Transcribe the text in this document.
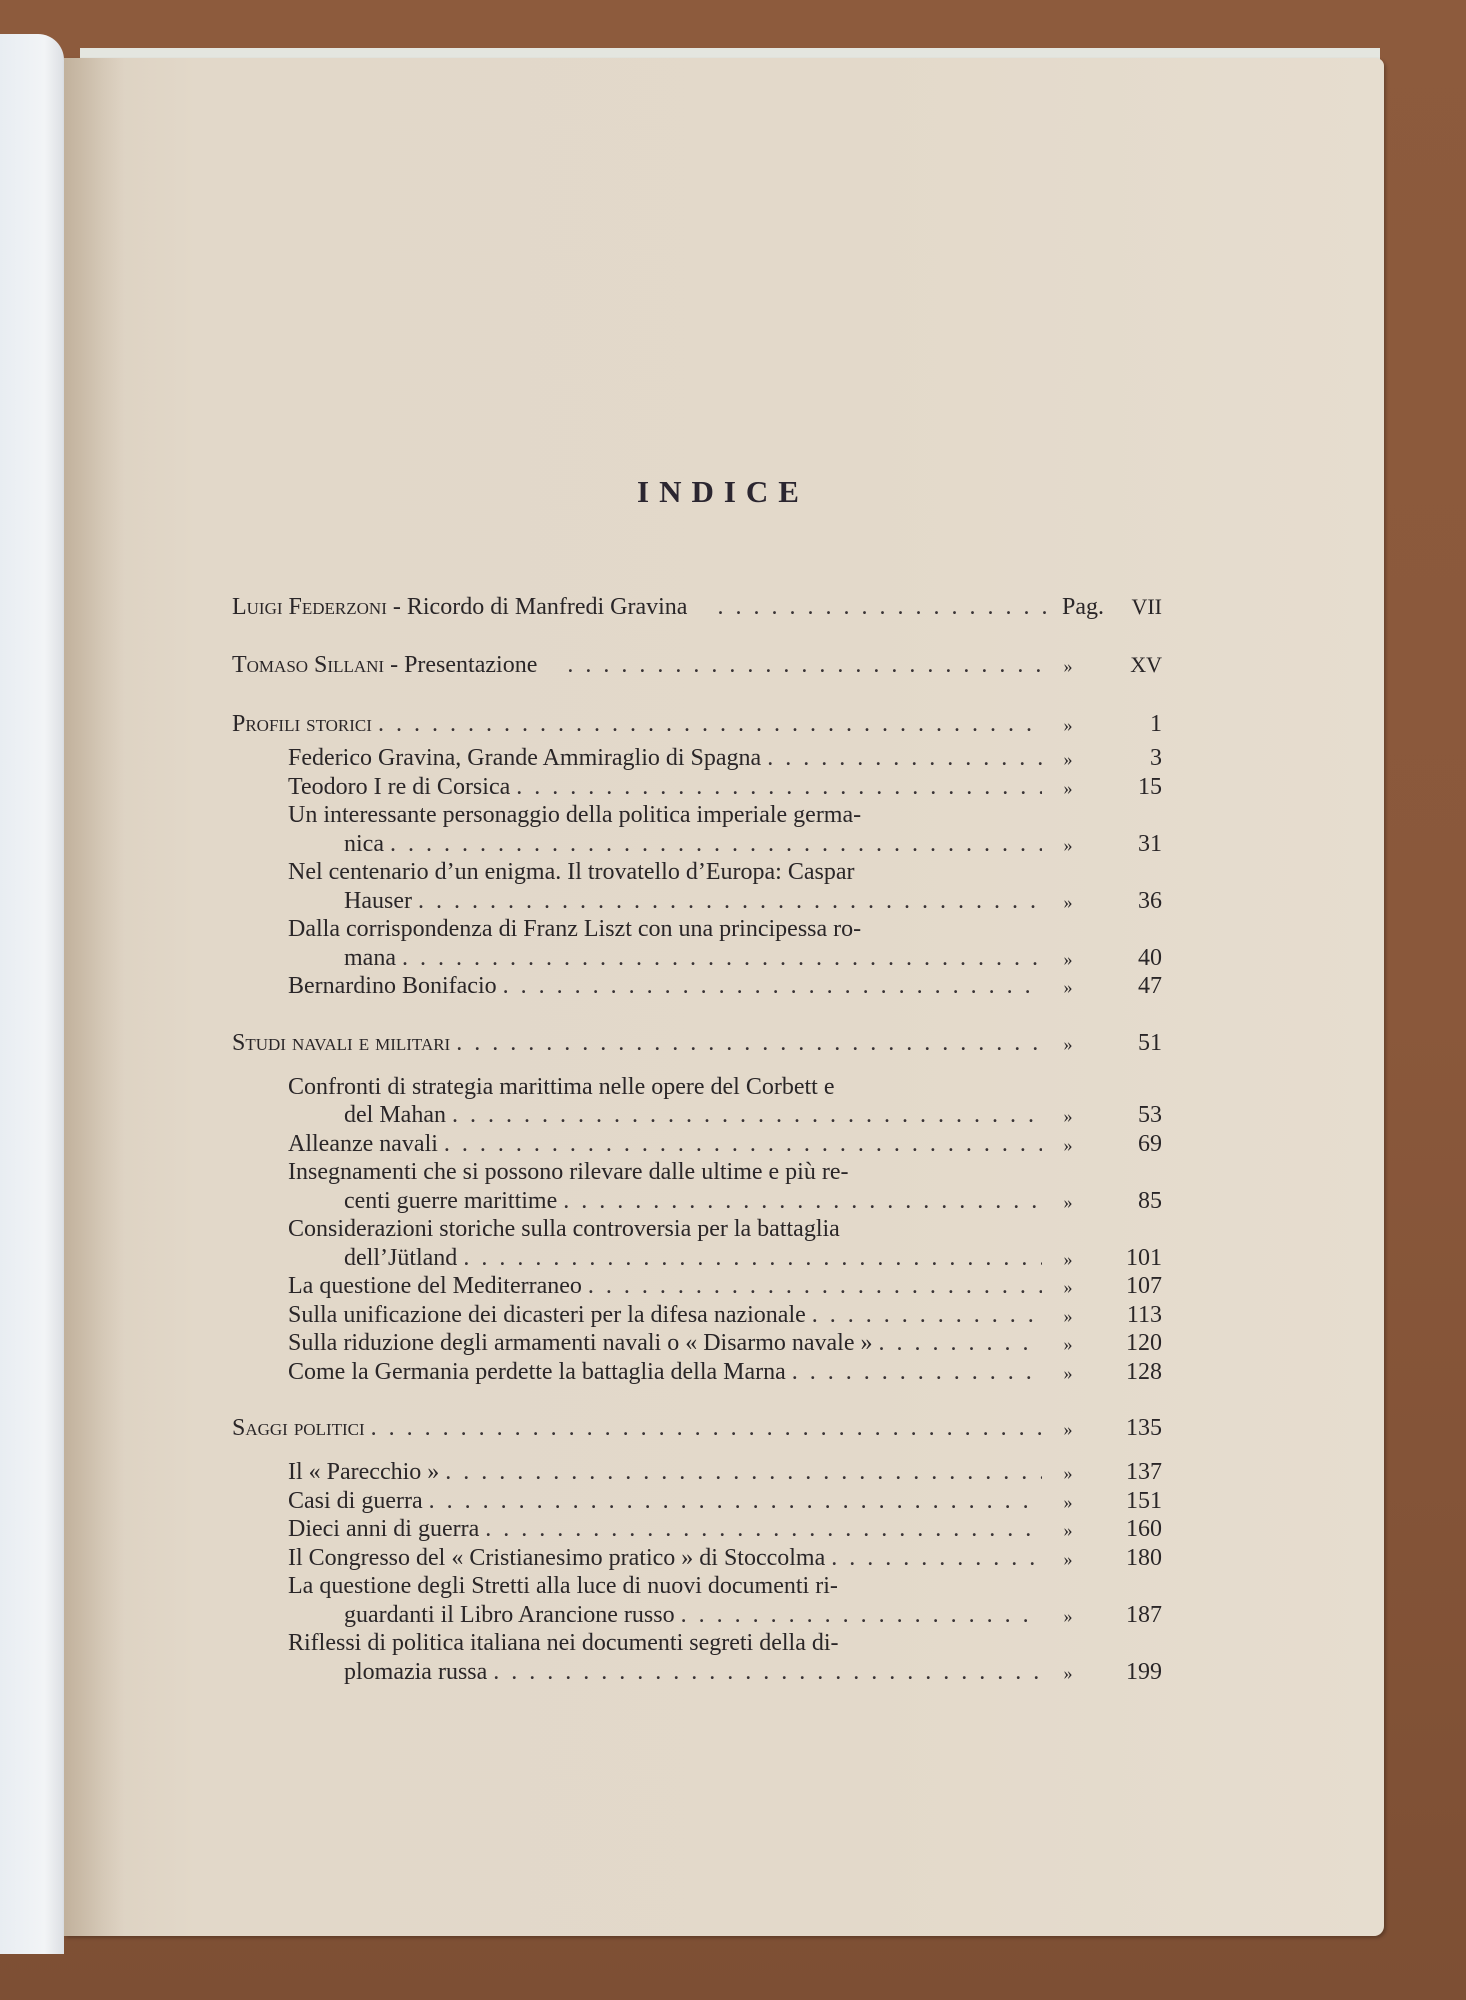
INDICE
Luigi Federzoni - Ricordo di Manfredi Gravina . .	Pag.	VII
Tomaso Sillani - Presentazione . .	»	XV
Profili storici . .	»	1
Federico Gravina, Grande Ammiraglio di Spagna . .	»	3
Teodoro I re di Corsica . .	»	15
Un interessante personaggio della politica imperiale germa-
nica . .	»	31
Nel centenario d’un enigma. Il trovatello d’Europa: Caspar
Hauser . .	»	36
Dalla corrispondenza di Franz Liszt con una principessa ro-
mana . .	»	40
Bernardino Bonifacio . .	»	47
Studi navali e militari . .	»	51
Confronti di strategia marittima nelle opere del Corbett e
del Mahan . .	»	53
Alleanze navali . .	»	69
Insegnamenti che si possono rilevare dalle ultime e più re-
centi guerre marittime . .	»	85
Considerazioni storiche sulla controversia per la battaglia
dell’Jütland . .	»	101
La questione del Mediterraneo . .	»	107
Sulla unificazione dei dicasteri per la difesa nazionale . .	»	113
Sulla riduzione degli armamenti navali o « Disarmo navale » . .	»	120
Come la Germania perdette la battaglia della Marna . .	»	128
Saggi politici . .	»	135
Il « Parecchio » . .	»	137
Casi di guerra . .	»	151
Dieci anni di guerra . .	»	160
Il Congresso del « Cristianesimo pratico » di Stoccolma . .	»	180
La questione degli Stretti alla luce di nuovi documenti ri-
guardanti il Libro Arancione russo . .	»	187
Riflessi di politica italiana nei documenti segreti della di-
plomazia russa . .	»	199
